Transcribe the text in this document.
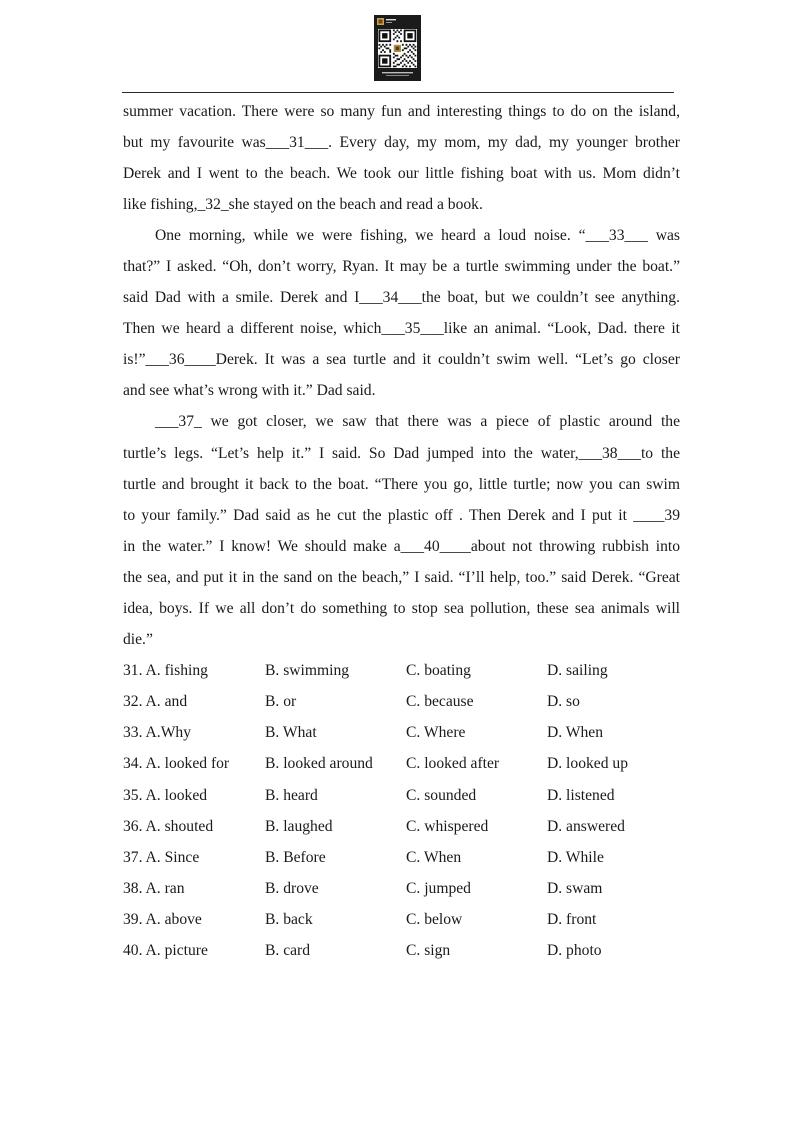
summer vacation. There were so many fun and interesting things to do on the island,
but my favourite was___31___. Every day, my mom, my dad, my younger brother
Derek and I went to the beach. We took our little fishing boat with us. Mom didn’t
like fishing,_32_she stayed on the beach and read a book.
One morning, while we were fishing, we heard a loud noise. “___33___ was
that?” I asked. “Oh, don’t worry, Ryan. It may be a turtle swimming under the boat.”
said Dad with a smile. Derek and I___34___the boat, but we couldn’t see anything.
Then we heard a different noise, which___35___like an animal. “Look, Dad. there it
is!”___36____Derek. It was a sea turtle and it couldn’t swim well. “Let’s go closer
and see what’s wrong with it.” Dad said.
___37_ we got closer, we saw that there was a piece of plastic around the
turtle’s legs. “Let’s help it.” I said. So Dad jumped into the water,___38___to the
turtle and brought it back to the boat. “There you go, little turtle; now you can swim
to your family.” Dad said as he cut the plastic off . Then Derek and I put it ____39
in the water.” I know! We should make a___40____about not throwing rubbish into
the sea, and put it in the sand on the beach,” I said. “I’ll help, too.” said Derek. “Great
idea, boys. If we all don’t do something to stop sea pollution, these sea animals will
die.”
31. A. fishing	B. swimming	C. boating	D. sailing
32. A. and	B. or	C. because	D. so
33. A.Why	B. What	C. Where	D. When
34. A. looked for	B. looked around	C. looked after	D. looked up
35. A. looked	B. heard	C. sounded	D. listened
36. A. shouted	B. laughed	C. whispered	D. answered
37. A. Since	B. Before	C. When	D. While
38. A. ran	B. drove	C. jumped	D. swam
39. A. above	B. back	C. below	D. front
40. A. picture	B. card	C. sign	D. photo
